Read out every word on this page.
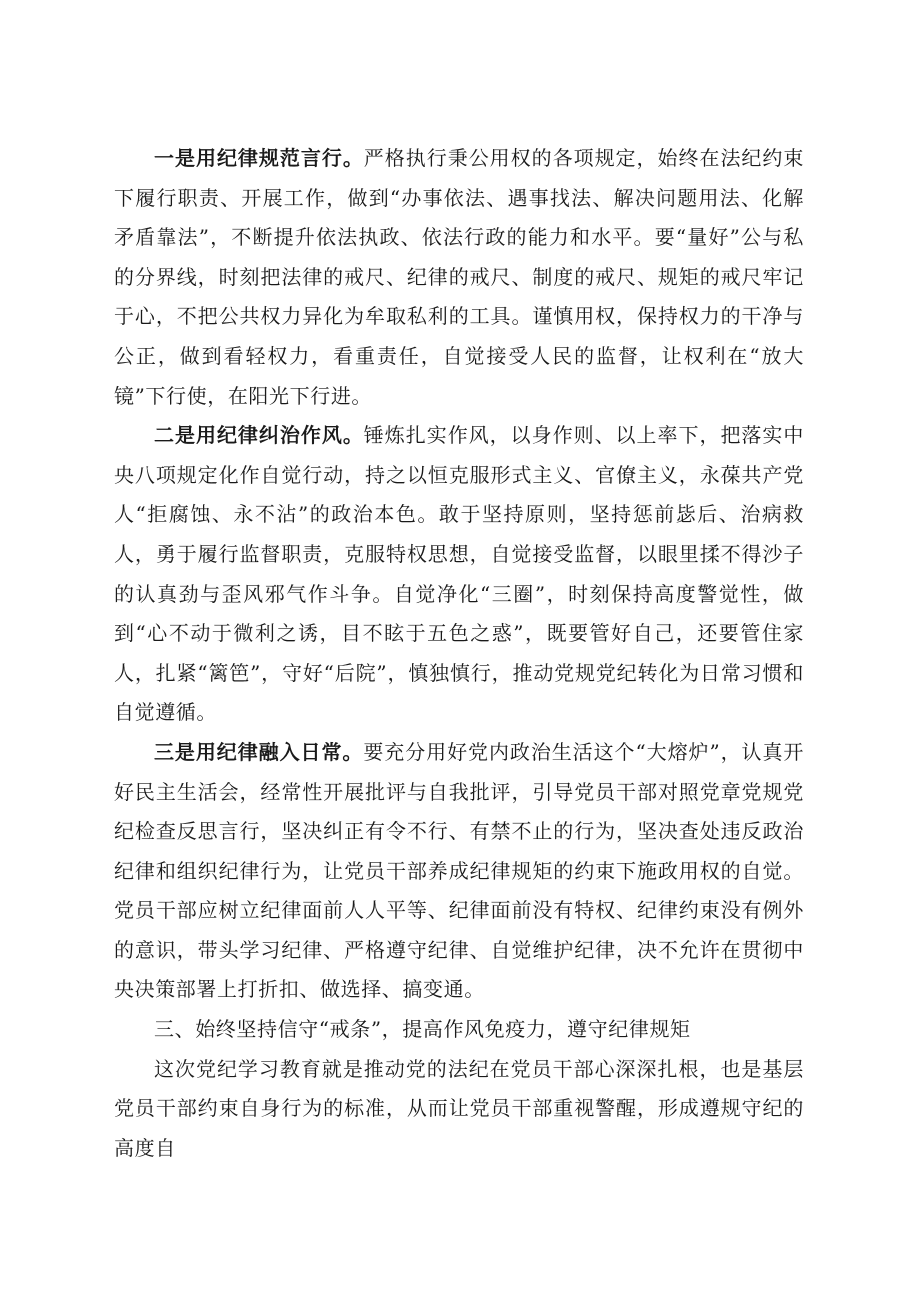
一是用纪律规范言行。严格执行秉公用权的各项规定，始终在法纪约束下履行职责、开展工作，做到“办事依法、遇事找法、解决问题用法、化解矛盾靠法”，不断提升依法执政、依法行政的能力和水平。要“量好”公与私的分界线，时刻把法律的戒尺、纪律的戒尺、制度的戒尺、规矩的戒尺牢记于心，不把公共权力异化为牟取私利的工具。谨慎用权，保持权力的干净与公正，做到看轻权力，看重责任，自觉接受人民的监督，让权利在“放大镜”下行使，在阳光下行进。

二是用纪律纠治作风。锤炼扎实作风，以身作则、以上率下，把落实中央八项规定化作自觉行动，持之以恒克服形式主义、官僚主义，永葆共产党人“拒腐蚀、永不沾”的政治本色。敢于坚持原则，坚持惩前毖后、治病救人，勇于履行监督职责，克服特权思想，自觉接受监督，以眼里揉不得沙子的认真劲与歪风邪气作斗争。自觉净化“三圈”，时刻保持高度警觉性，做到“心不动于微利之诱，目不眩于五色之惑”，既要管好自己，还要管住家人，扎紧“篱笆”，守好“后院”，慎独慎行，推动党规党纪转化为日常习惯和自觉遵循。

三是用纪律融入日常。要充分用好党内政治生活这个“大熔炉”，认真开好民主生活会，经常性开展批评与自我批评，引导党员干部对照党章党规党纪检查反思言行，坚决纠正有令不行、有禁不止的行为，坚决查处违反政治纪律和组织纪律行为，让党员干部养成纪律规矩的约束下施政用权的自觉。党员干部应树立纪律面前人人平等、纪律面前没有特权、纪律约束没有例外的意识，带头学习纪律、严格遵守纪律、自觉维护纪律，决不允许在贯彻中央决策部署上打折扣、做选择、搞变通。

三、始终坚持信守“戒条”，提高作风免疫力，遵守纪律规矩

这次党纪学习教育就是推动党的法纪在党员干部心深深扎根，也是基层党员干部约束自身行为的标准，从而让党员干部重视警醒，形成遵规守纪的高度自
